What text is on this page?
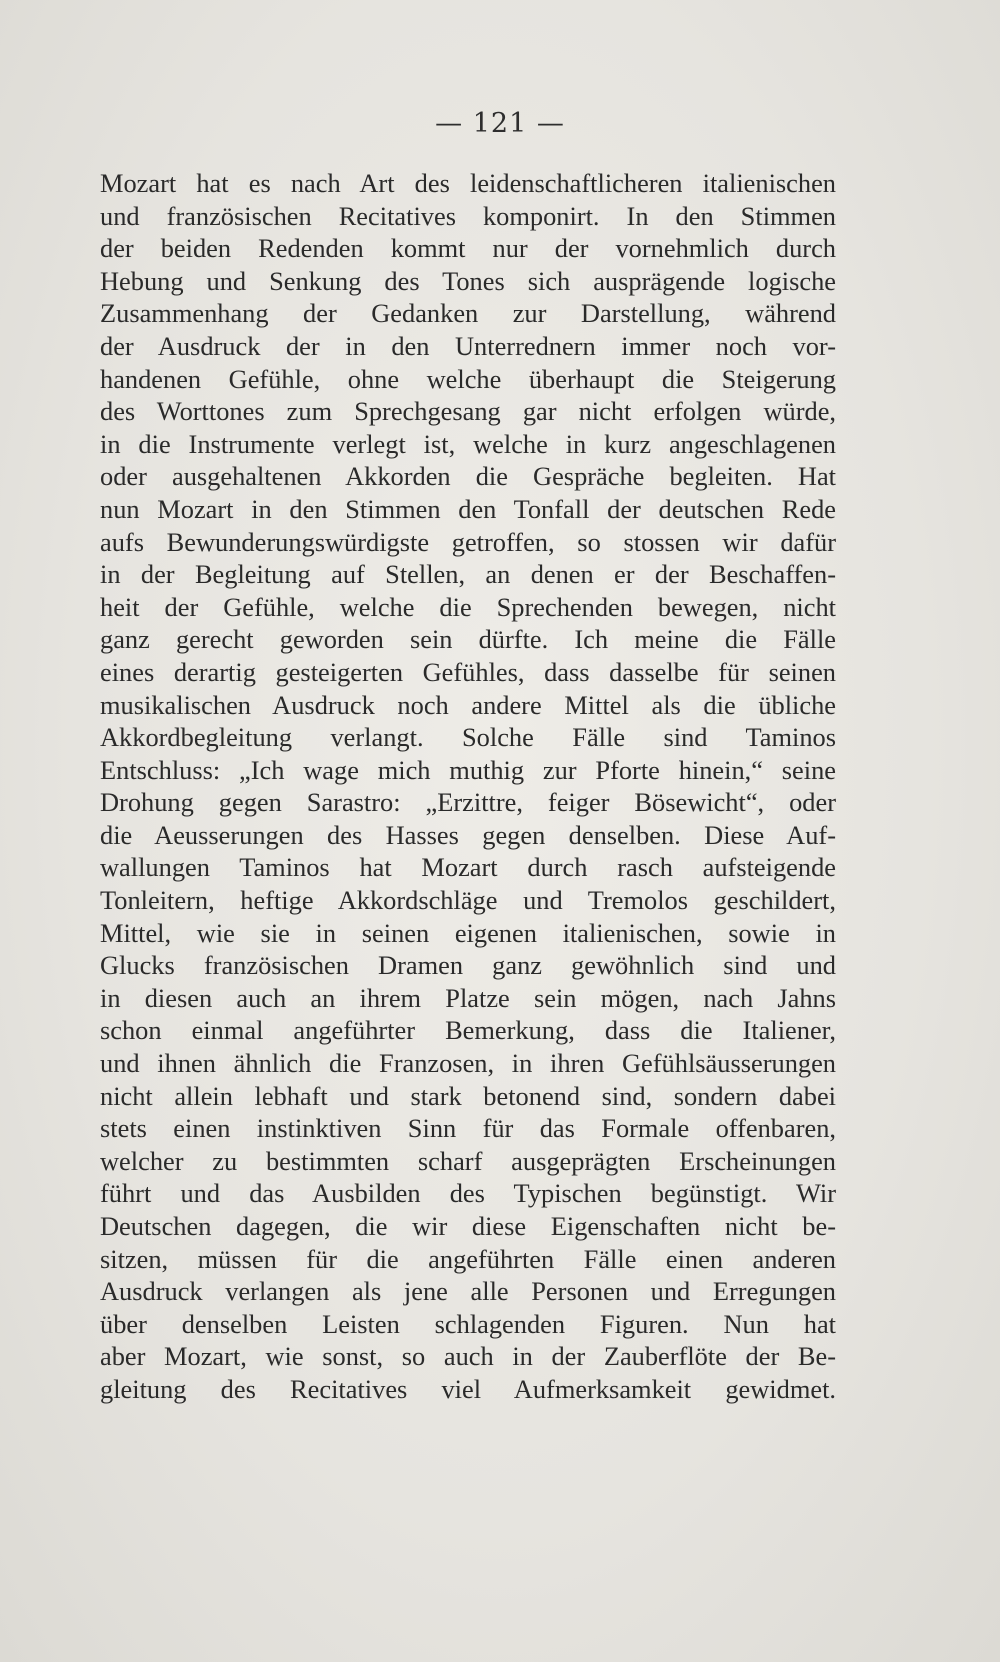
— 121 —
Mozart hat es nach Art des leidenschaftlicheren italienischen
und französischen Recitatives komponirt. In den Stimmen
der beiden Redenden kommt nur der vornehmlich durch
Hebung und Senkung des Tones sich ausprägende logische
Zusammenhang der Gedanken zur Darstellung, während
der Ausdruck der in den Unterrednern immer noch vor-
handenen Gefühle, ohne welche überhaupt die Steigerung
des Worttones zum Sprechgesang gar nicht erfolgen würde,
in die Instrumente verlegt ist, welche in kurz angeschlagenen
oder ausgehaltenen Akkorden die Gespräche begleiten. Hat
nun Mozart in den Stimmen den Tonfall der deutschen Rede
aufs Bewunderungswürdigste getroffen, so stossen wir dafür
in der Begleitung auf Stellen, an denen er der Beschaffen-
heit der Gefühle, welche die Sprechenden bewegen, nicht
ganz gerecht geworden sein dürfte. Ich meine die Fälle
eines derartig gesteigerten Gefühles, dass dasselbe für seinen
musikalischen Ausdruck noch andere Mittel als die übliche
Akkordbegleitung verlangt. Solche Fälle sind Taminos
Entschluss: „Ich wage mich muthig zur Pforte hinein,“ seine
Drohung gegen Sarastro: „Erzittre, feiger Bösewicht“, oder
die Aeusserungen des Hasses gegen denselben. Diese Auf-
wallungen Taminos hat Mozart durch rasch aufsteigende
Tonleitern, heftige Akkordschläge und Tremolos geschildert,
Mittel, wie sie in seinen eigenen italienischen, sowie in
Glucks französischen Dramen ganz gewöhnlich sind und
in diesen auch an ihrem Platze sein mögen, nach Jahns
schon einmal angeführter Bemerkung, dass die Italiener,
und ihnen ähnlich die Franzosen, in ihren Gefühlsäusserungen
nicht allein lebhaft und stark betonend sind, sondern dabei
stets einen instinktiven Sinn für das Formale offenbaren,
welcher zu bestimmten scharf ausgeprägten Erscheinungen
führt und das Ausbilden des Typischen begünstigt. Wir
Deutschen dagegen, die wir diese Eigenschaften nicht be-
sitzen, müssen für die angeführten Fälle einen anderen
Ausdruck verlangen als jene alle Personen und Erregungen
über denselben Leisten schlagenden Figuren. Nun hat
aber Mozart, wie sonst, so auch in der Zauberflöte der Be-
gleitung des Recitatives viel Aufmerksamkeit gewidmet.
